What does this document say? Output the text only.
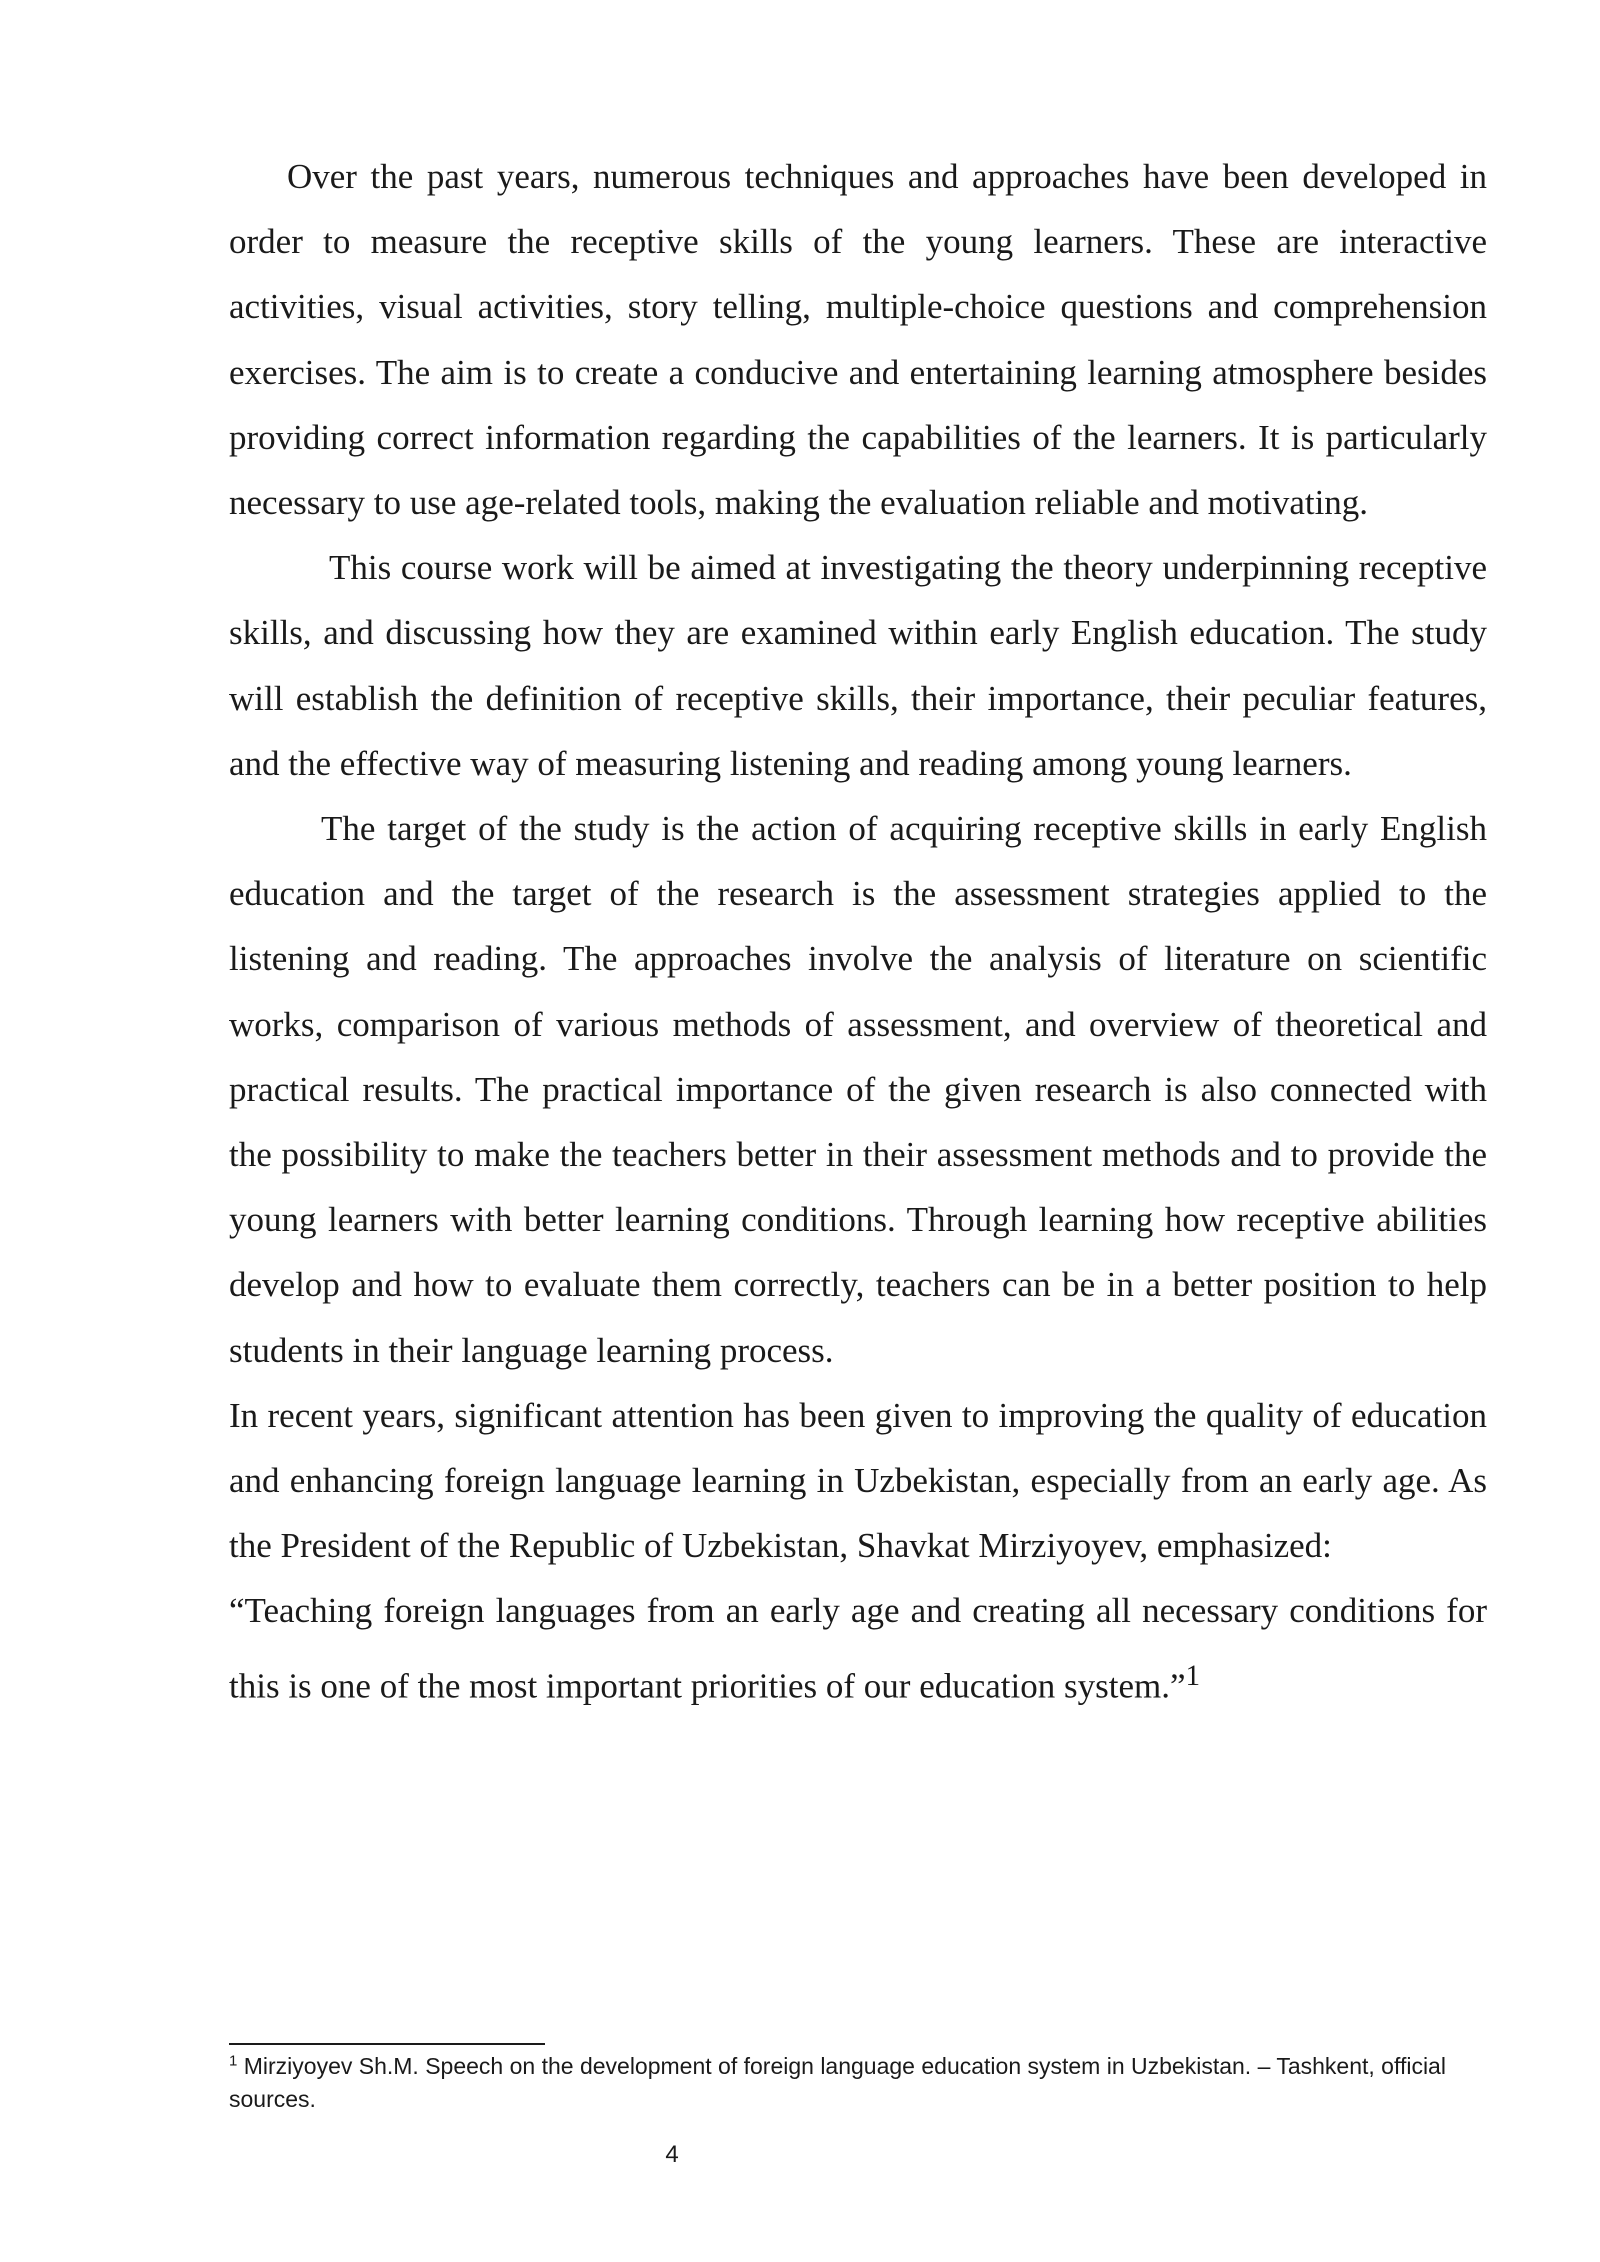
Over the past years, numerous techniques and approaches have been developed in order to measure the receptive skills of the young learners. These are interactive activities, visual activities, story telling, multiple-choice questions and comprehension exercises. The aim is to create a conducive and entertaining learning atmosphere besides providing correct information regarding the capabilities of the learners. It is particularly necessary to use age-related tools, making the evaluation reliable and motivating.

This course work will be aimed at investigating the theory underpinning receptive skills, and discussing how they are examined within early English education. The study will establish the definition of receptive skills, their importance, their peculiar features, and the effective way of measuring listening and reading among young learners.

The target of the study is the action of acquiring receptive skills in early English education and the target of the research is the assessment strategies applied to the listening and reading. The approaches involve the analysis of literature on scientific works, comparison of various methods of assessment, and overview of theoretical and practical results. The practical importance of the given research is also connected with the possibility to make the teachers better in their assessment methods and to provide the young learners with better learning conditions. Through learning how receptive abilities develop and how to evaluate them correctly, teachers can be in a better position to help students in their language learning process.

In recent years, significant attention has been given to improving the quality of education and enhancing foreign language learning in Uzbekistan, especially from an early age. As the President of the Republic of Uzbekistan, Shavkat Mirziyoyev, emphasized:

“Teaching foreign languages from an early age and creating all necessary conditions for this is one of the most important priorities of our education system.”$^1$

$^1$ Mirziyoyev Sh.M. Speech on the development of foreign language education system in Uzbekistan. – Tashkent, official sources.
4
